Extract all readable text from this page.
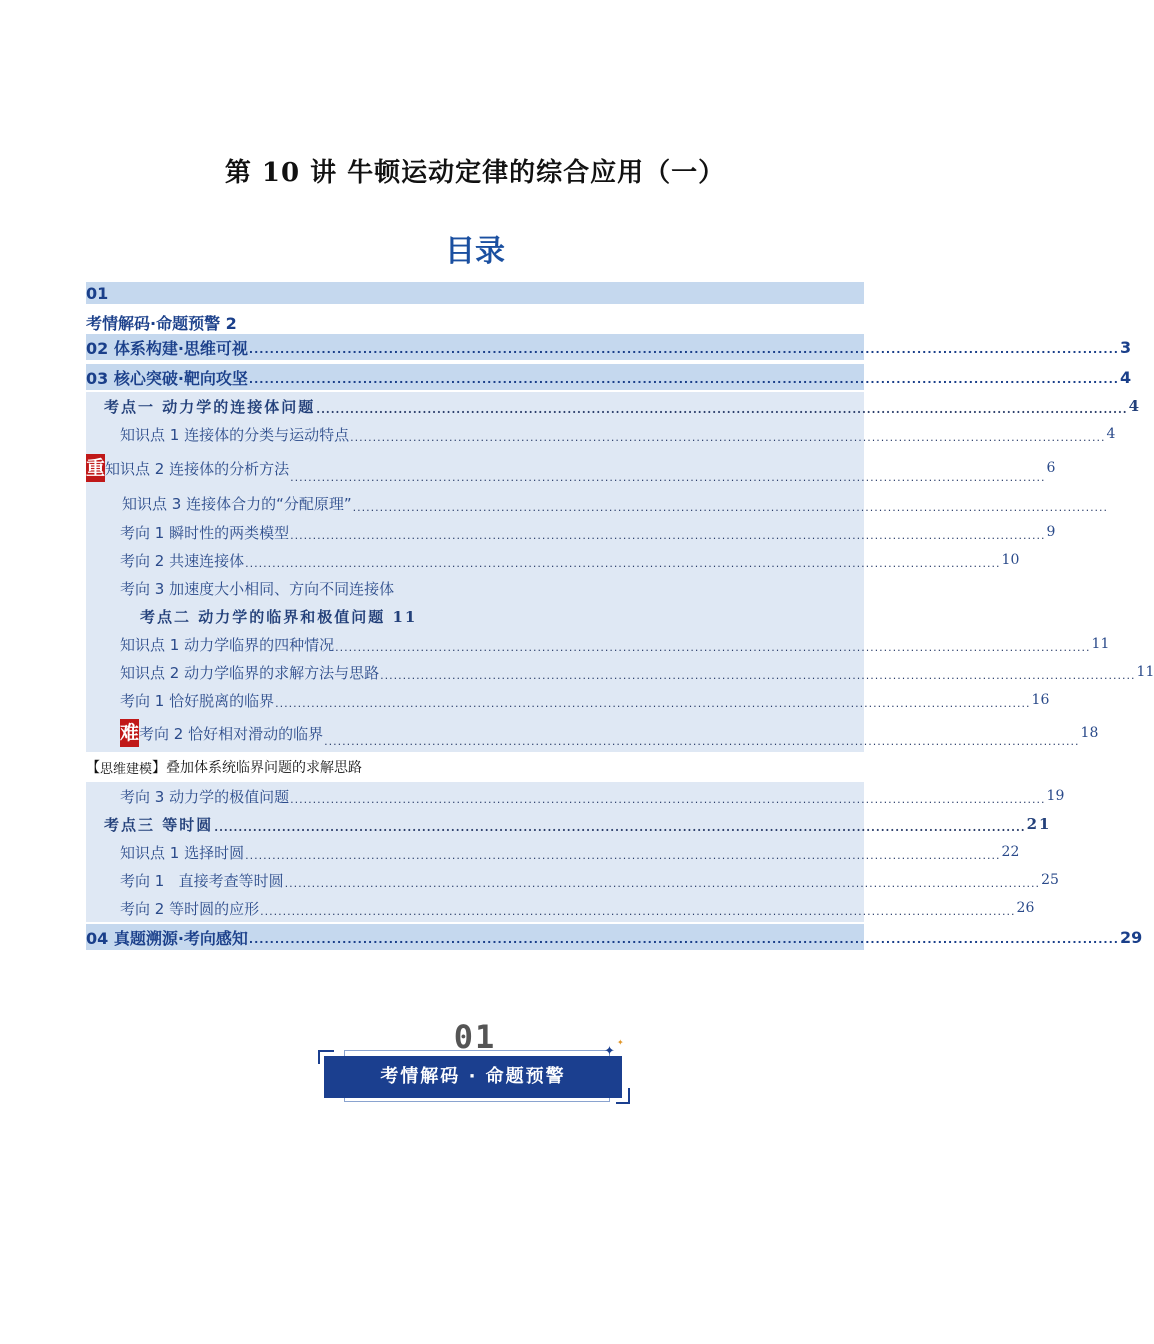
第 10 讲 牛顿运动定律的综合应用（一）
目录
01
考情解码·命题预警 2
02 体系构建·思维可视 ........................................................................................................................................................................ 3
03 核心突破·靶向攻坚 ........................................................................................................................................................................ 4
考点一 动力学的连接体问题 ........................................................................................................................................................................ 4
知识点 1 连接体的分类与运动特点 ........................................................................................................................................................................ 4
重 知识点 2 连接体的分析方法 ........................................................................................................................................................................
6
知识点 3 连接体合力的“分配原理” ........................................................................................................................................................................
考向 1 瞬时性的两类模型 ........................................................................................................................................................................ 9
考向 2 共速连接体 ........................................................................................................................................................................ 10
考向 3 加速度大小相同、方向不同连接体
考点二 动力学的临界和极值问题 11
知识点 1 动力学临界的四种情况 ........................................................................................................................................................................ 11
知识点 2 动力学临界的求解方法与思路 ........................................................................................................................................................................ 11
考向 1 恰好脱离的临界 ........................................................................................................................................................................ 16
难 考向 2 恰好相对滑动的临界 ........................................................................................................................................................................
18
【 思维建模 】 叠加体系统临界问题的求解思路
考向 3 动力学的极值问题 ........................................................................................................................................................................ 19
考点三 等时圆 ........................................................................................................................................................................ 21
知识点 1 选择时圆 ........................................................................................................................................................................ 22
考向 1   直接考查等时圆 ........................................................................................................................................................................ 25
考向 2 等时圆的应形 ........................................................................................................................................................................ 26
04 真题溯源·考向感知 ........................................................................................................................................................................ 29
01
考情解码 · 命题预警
✦
✦
